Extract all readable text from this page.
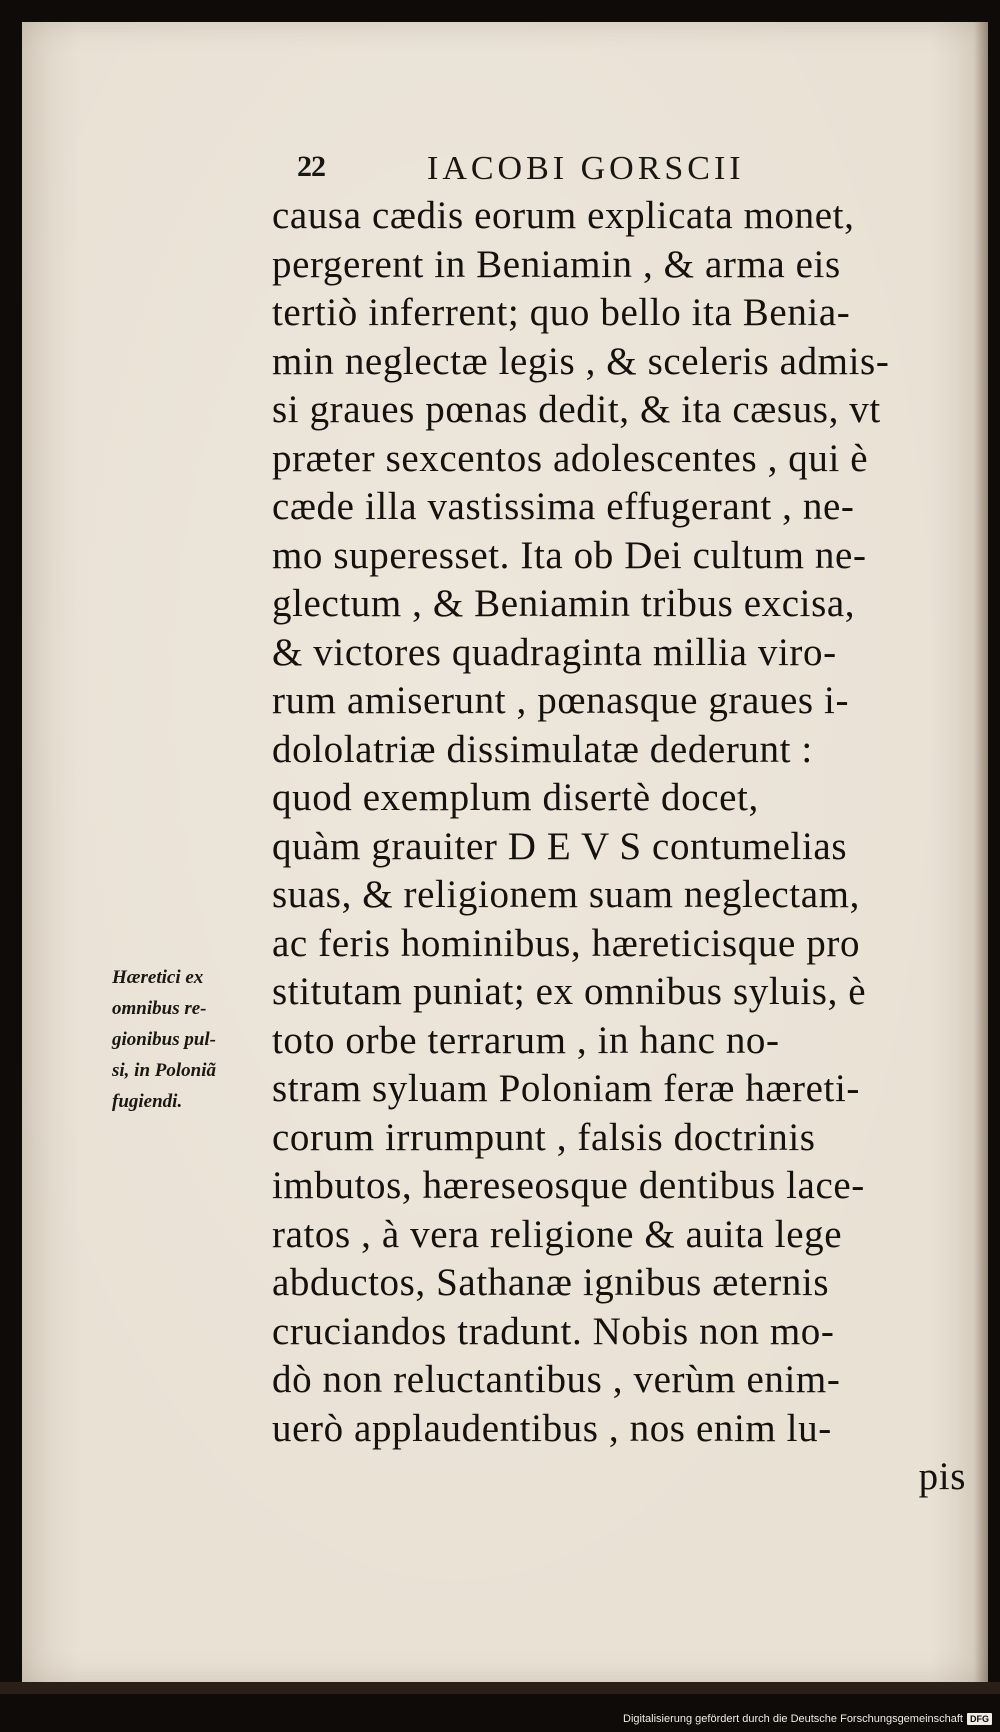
22	IACOBI GORSCII
causa cædis eorum explicata monet,
pergerent in Beniamin , & arma eis
tertiò inferrent; quo bello ita Benia-
min neglectæ legis , & sceleris admis-
si graues pœnas dedit, & ita cæsus, vt
præter sexcentos adolescentes , qui è
cæde illa vastissima effugerant , ne-
mo superesset. Ita ob Dei cultum ne-
glectum , & Beniamin tribus excisa,
& victores quadraginta millia viro-
rum amiserunt , pœnasque graues i-
dololatriæ dissimulatæ dederunt :
quod exemplum disertè docet,
quàm grauiter D E V S contumelias
suas, & religionem suam neglectam,
ac feris hominibus, hæreticisque pro
stitutam puniat; ex omnibus syluis, è
toto orbe terrarum , in hanc no-
stram syluam Poloniam feræ hæreti-
corum irrumpunt , falsis doctrinis
imbutos, hæreseosque dentibus lace-
ratos , à vera religione & auita lege
abductos, Sathanæ ignibus æternis
cruciandos tradunt. Nobis non mo-
dò non reluctantibus , verùm enim-
uerò applaudentibus , nos enim lu-
pis
Hæretici ex
omnibus re-
gionibus pul-
si, in Poloniã
fugiendi.
Digitalisierung gefördert durch die Deutsche Forschungsgemeinschaft DFG
